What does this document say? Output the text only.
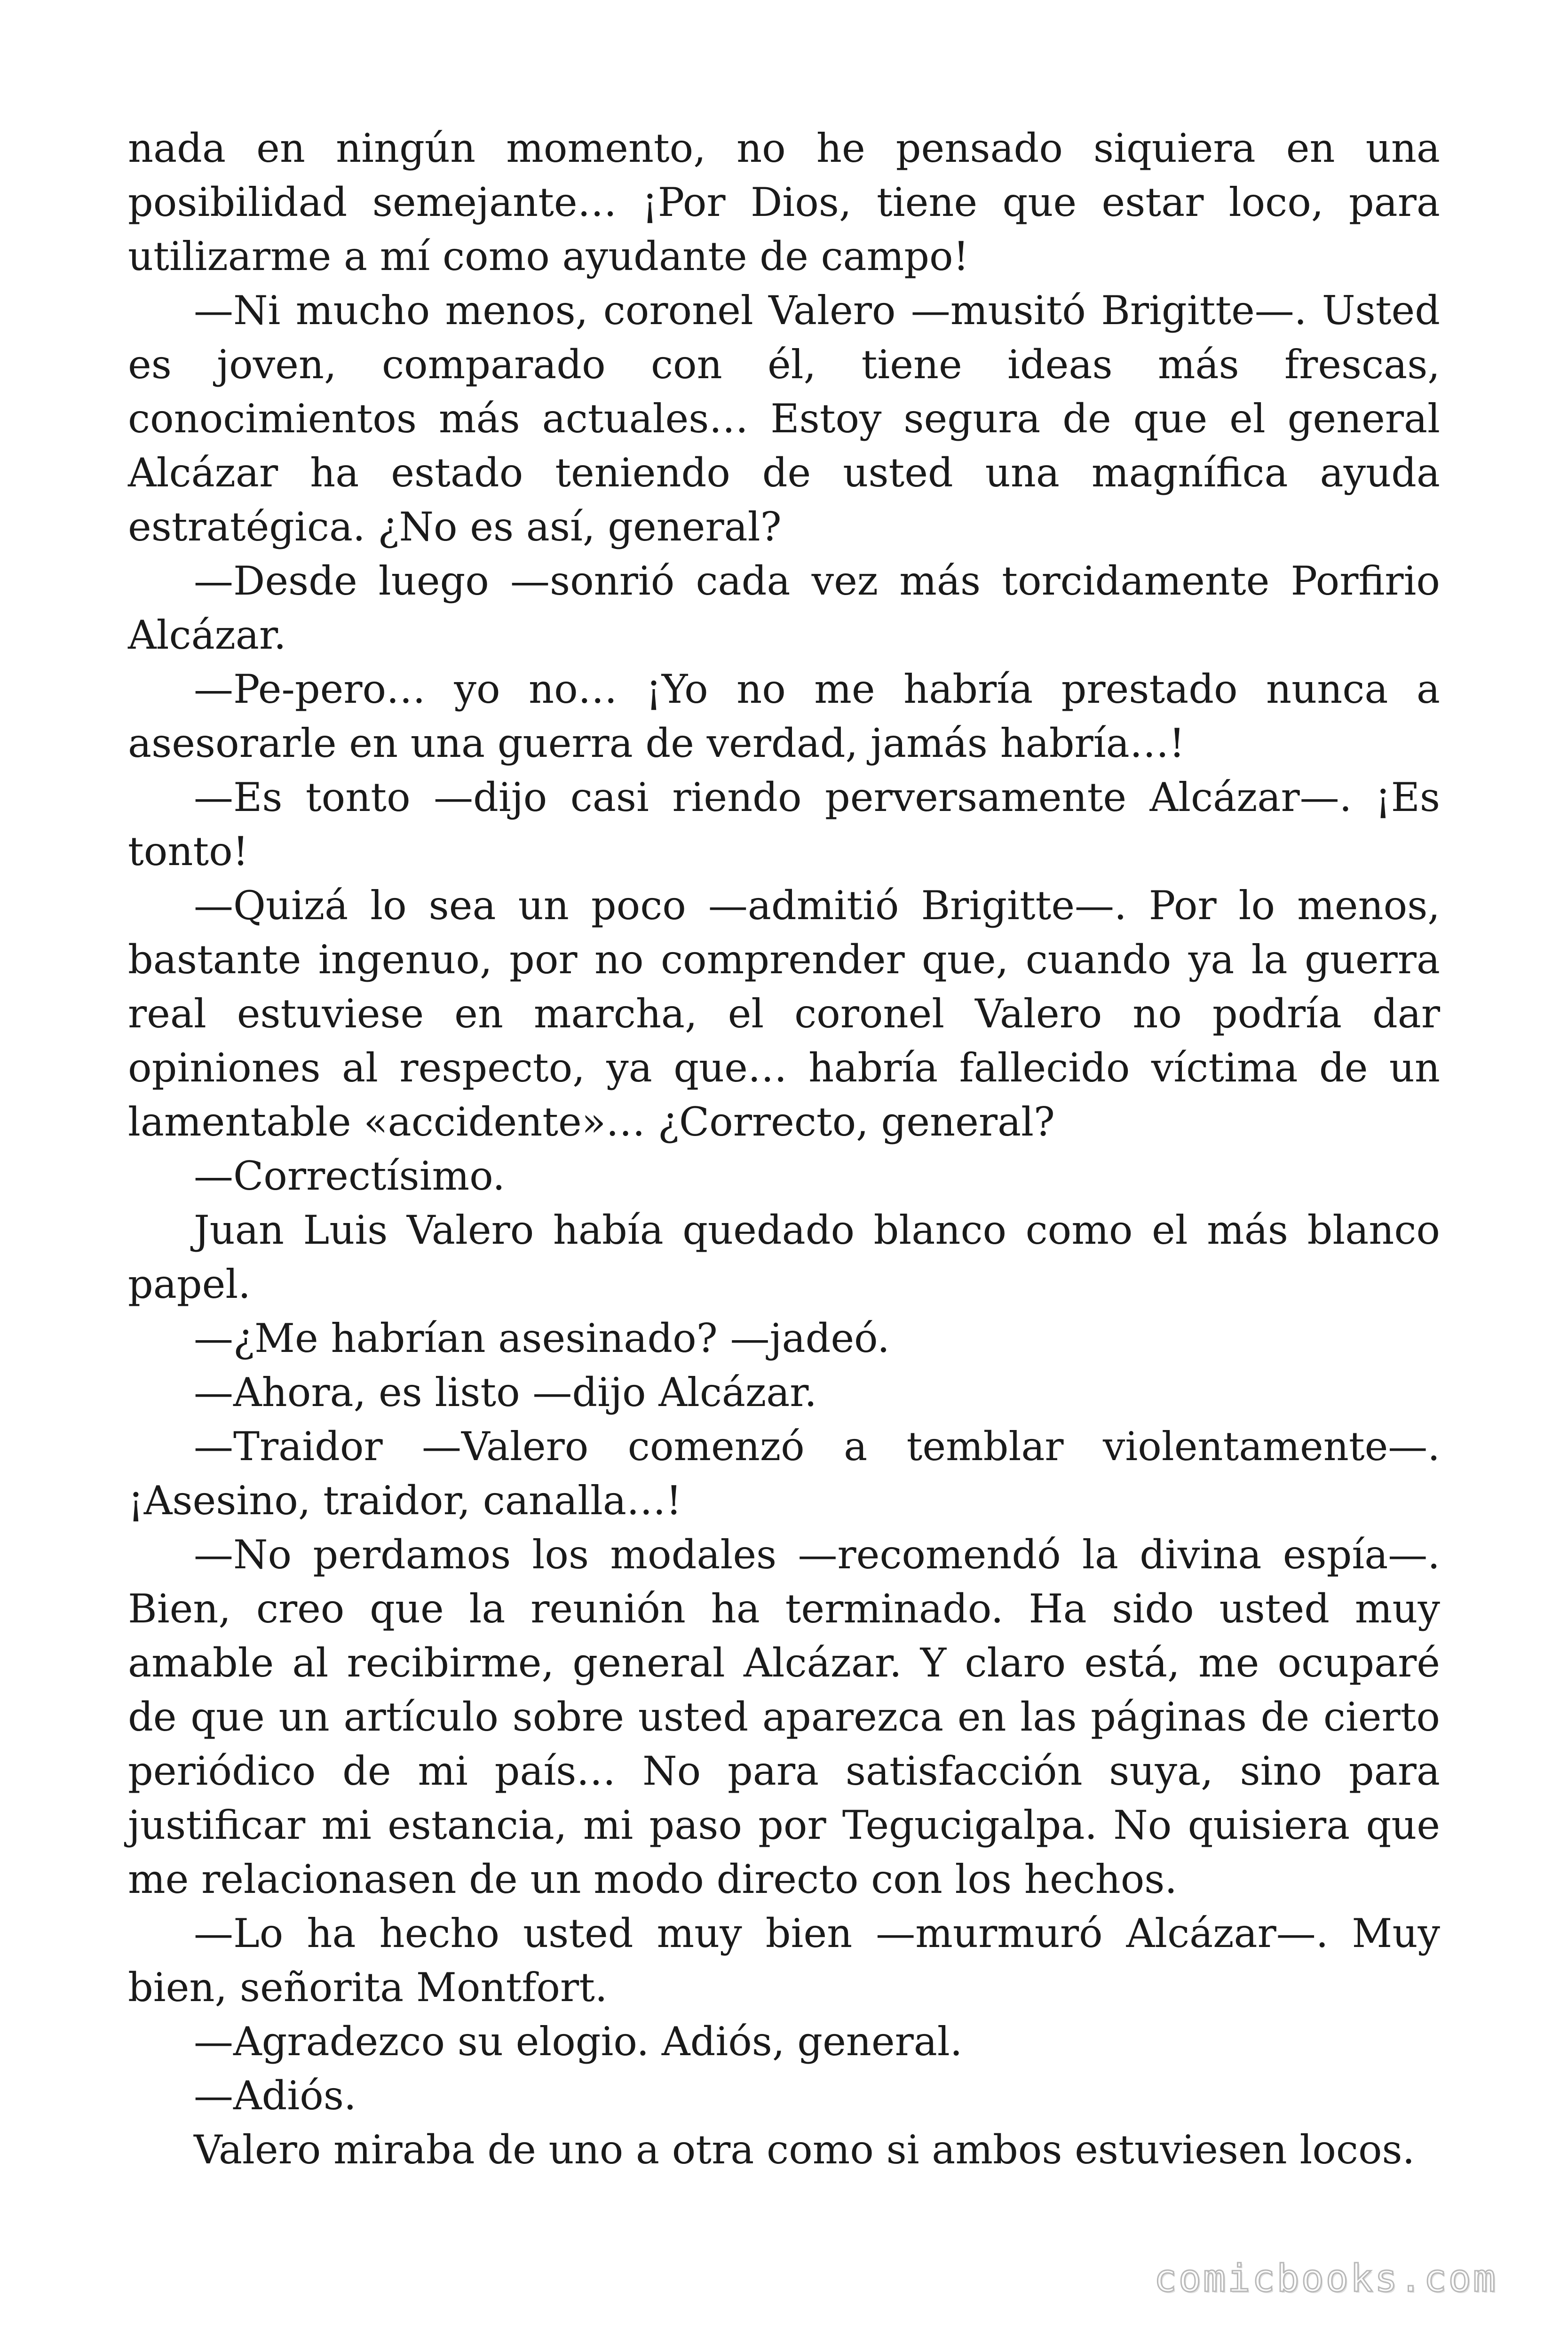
nada en ningún momento, no he pensado siquiera en una posibilidad semejante… ¡Por Dios, tiene que estar loco, para utilizarme a mí como ayudante de campo!

—Ni mucho menos, coronel Valero —musitó Brigitte—. Usted es joven, comparado con él, tiene ideas más frescas, conocimientos más actuales… Estoy segura de que el general Alcázar ha estado teniendo de usted una magnífica ayuda estratégica. ¿No es así, general?

—Desde luego —sonrió cada vez más torcidamente Porfirio Alcázar.

—Pe-pero… yo no… ¡Yo no me habría prestado nunca a asesorarle en una guerra de verdad, jamás habría…!

—Es tonto —dijo casi riendo perversamente Alcázar—. ¡Es tonto!

—Quizá lo sea un poco —admitió Brigitte—. Por lo menos, bastante ingenuo, por no comprender que, cuando ya la guerra real estuviese en marcha, el coronel Valero no podría dar opiniones al respecto, ya que… habría fallecido víctima de un lamentable «accidente»… ¿Correcto, general?

—Correctísimo.

Juan Luis Valero había quedado blanco como el más blanco papel.

—¿Me habrían asesinado? —jadeó.

—Ahora, es listo —dijo Alcázar.

—Traidor —Valero comenzó a temblar violentamente—. ¡Asesino, traidor, canalla…!

—No perdamos los modales —recomendó la divina espía—. Bien, creo que la reunión ha terminado. Ha sido usted muy amable al recibirme, general Alcázar. Y claro está, me ocuparé de que un artículo sobre usted aparezca en las páginas de cierto periódico de mi país… No para satisfacción suya, sino para justificar mi estancia, mi paso por Tegucigalpa. No quisiera que me relacionasen de un modo directo con los hechos.

—Lo ha hecho usted muy bien —murmuró Alcázar—. Muy bien, señorita Montfort.

—Agradezco su elogio. Adiós, general.

—Adiós.

Valero miraba de uno a otra como si ambos estuviesen locos.

comicbooks.com
